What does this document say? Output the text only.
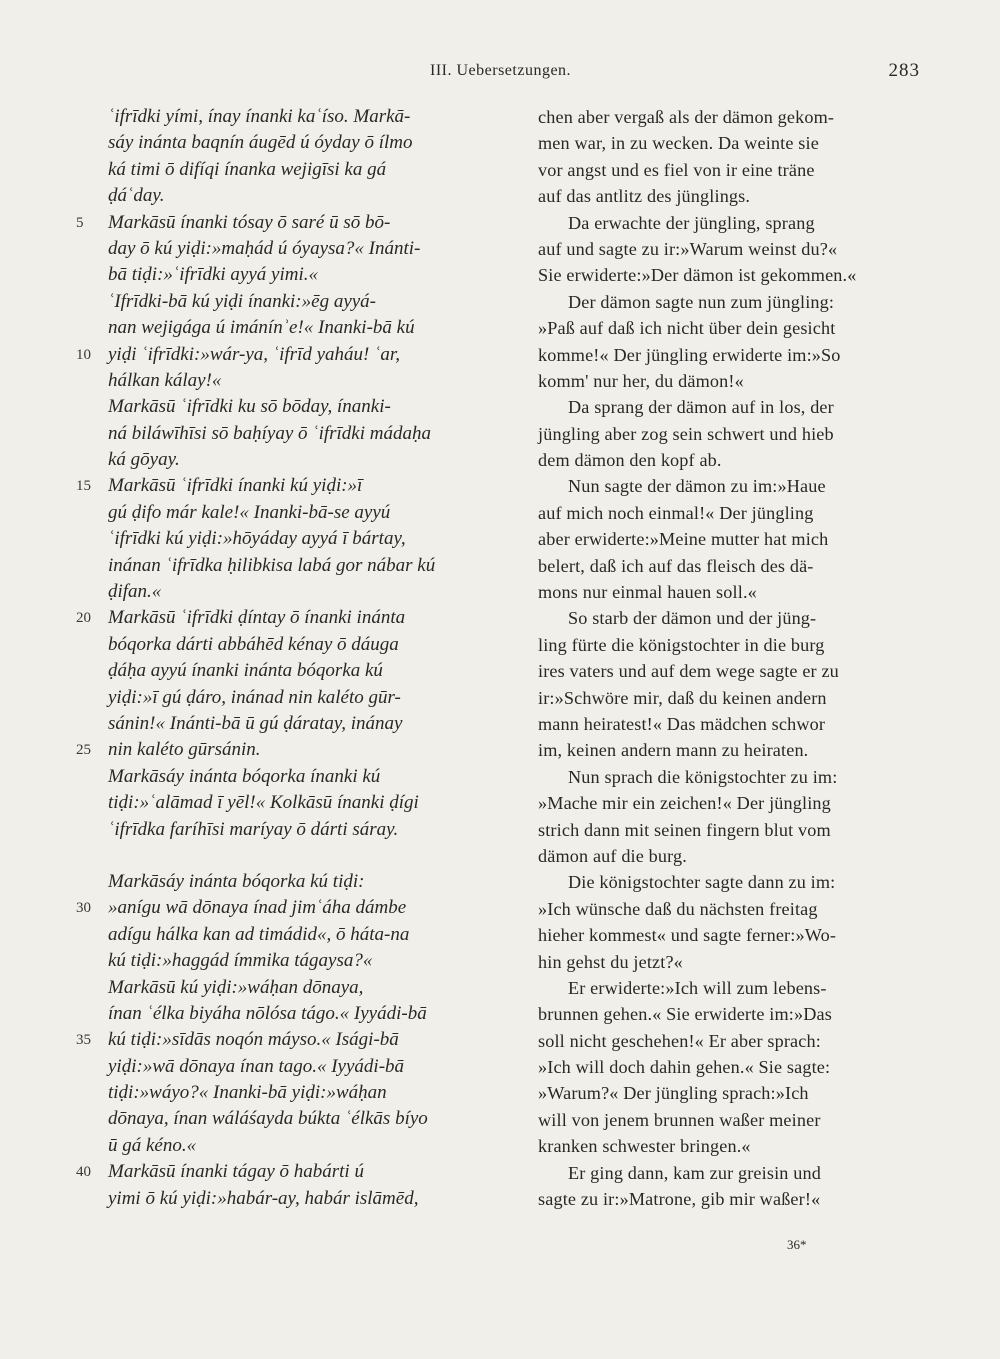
III. Uebersetzungen.	283
ʿifrīdki yími, ínay ínanki kaʿíso. Markā-
sáy inánta baqnín áugēd ú óyday ō ílmo
ká timi ō difíqi ínanka wejigīsi ka gá
ḍáʿday.
5	Markāsū ínanki tósay ō saré ū sō bō-
day ō kú yiḍi:»maḥád ú óyaysa?« Inánti-
bā tiḍi:»ʿifrīdki ayyá yimi.«
ʿIfrīdki-bā kú yiḍi ínanki:»ēg ayyá-
nan wejigága ú imánínʾe!« Inanki-bā kú
10 yiḍi ʿifrīdki:»wár-ya, ʿifrīd yaháu! ʿar,
hálkan kálay!«
Markāsū ʿifrīdki ku sō bōday, ínanki-
ná biláwīhīsi sō baḥíyay ō ʿifrīdki mádaḥa
ká gōyay.
15 Markāsū ʿifrīdki ínanki kú yiḍi:»ī
gú ḍifo már kale!« Inanki-bā-se ayyú
ʿifrīdki kú yiḍi:»hōyáday ayyá ī bártay,
inánan ʿifrīdka ḥilibkisa labá gor nábar kú
ḍifan.«
20 Markāsū ʿifrīdki ḍíntay ō ínanki inánta
bóqorka dárti abbáhēd kénay ō dáuga
ḍáḥa ayyú ínanki inánta bóqorka kú
yiḍi:»ī gú ḍáro, inánad nin kaléto gūr-
sánin!« Inánti-bā ū gú ḍáratay, inánay
25 nin kaléto gūrsánin.
Markāsáy inánta bóqorka ínanki kú
tiḍi:»ʿalāmad ī yēl!« Kolkāsū ínanki ḍígi
ʿifrīdka faríhīsi maríyay ō dárti sáray.
Markāsáy inánta bóqorka kú tiḍi:
30 »anígu wā dōnaya ínad jimʿáha dámbe
adígu hálka kan ad timádid«, ō háta-na
kú tiḍi:»haggád ímmika tágaysa?«
Markāsū kú yiḍi:»wáḥan dōnaya,
ínan ʿélka biyáha nōlósa tágo.« Iyyádi-bā
35 kú tiḍi:»sīdās noqón máyso.« Isági-bā
yiḍi:»wā dōnaya ínan tago.« Iyyádi-bā
tiḍi:»wáyo?« Inanki-bā yiḍi:»wáḥan
dōnaya, ínan wáláśayda búkta ʿélkās bíyo
ū gá kéno.«
40 Markāsū ínanki tágay ō habárti ú
yimi ō kú yiḍi:»habár-ay, habár islāmēd,
chen aber vergaß als der dämon gekom-
men war, in zu wecken. Da weinte sie
vor angst und es fiel von ir eine träne
auf das antlitz des jünglings.
Da erwachte der jüngling, sprang
auf und sagte zu ir:»Warum weinst du?«
Sie erwiderte:»Der dämon ist gekommen.«
Der dämon sagte nun zum jüngling:
»Paß auf daß ich nicht über dein gesicht
komme!« Der jüngling erwiderte im:»So
komm' nur her, du dämon!«
Da sprang der dämon auf in los, der
jüngling aber zog sein schwert und hieb
dem dämon den kopf ab.
Nun sagte der dämon zu im:»Haue
auf mich noch einmal!« Der jüngling
aber erwiderte:»Meine mutter hat mich
belert, daß ich auf das fleisch des dä-
mons nur einmal hauen soll.«
So starb der dämon und der jüng-
ling fürte die königstochter in die burg
ires vaters und auf dem wege sagte er zu
ir:»Schwöre mir, daß du keinen andern
mann heiratest!« Das mädchen schwor
im, keinen andern mann zu heiraten.
Nun sprach die königstochter zu im:
»Mache mir ein zeichen!« Der jüngling
strich dann mit seinen fingern blut vom
dämon auf die burg.
Die königstochter sagte dann zu im:
»Ich wünsche daß du nächsten freitag
hieher kommest« und sagte ferner:»Wo-
hin gehst du jetzt?«
Er erwiderte:»Ich will zum lebens-
brunnen gehen.« Sie erwiderte im:»Das
soll nicht geschehen!« Er aber sprach:
»Ich will doch dahin gehen.« Sie sagte:
»Warum?« Der jüngling sprach:»Ich
will von jenem brunnen waßer meiner
kranken schwester bringen.«
Er ging dann, kam zur greisin und
sagte zu ir:»Matrone, gib mir waßer!«
36*
